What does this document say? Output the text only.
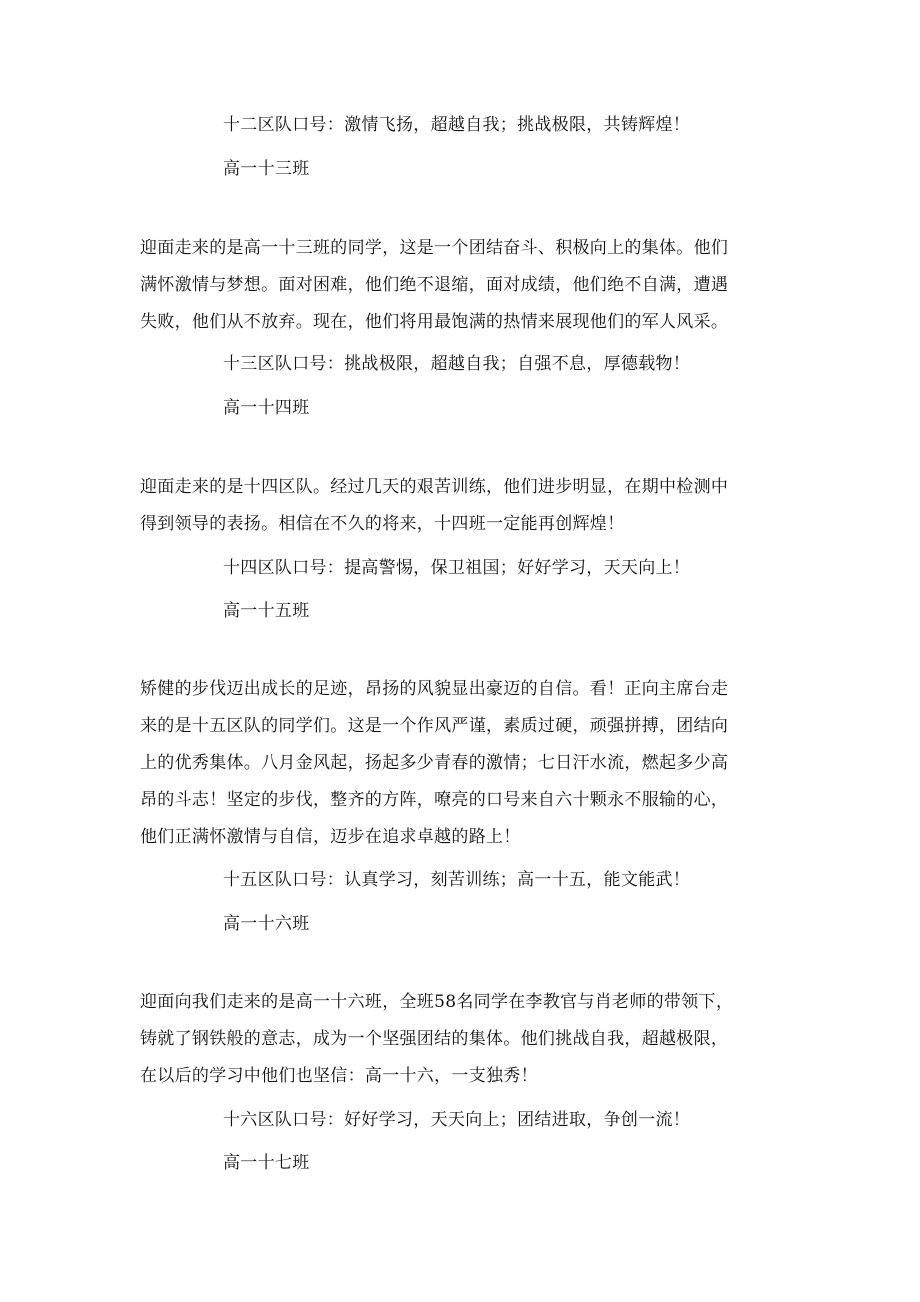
十二区队口号：激情飞扬，超越自我；挑战极限，共铸辉煌！
高一十三班
迎面走来的是高一十三班的同学，这是一个团结奋斗、积极向上的集体。他们
满怀激情与梦想。面对困难，他们绝不退缩，面对成绩，他们绝不自满，遭遇
失败，他们从不放弃。现在，他们将用最饱满的热情来展现他们的军人风采。
十三区队口号：挑战极限，超越自我；自强不息，厚德载物！
高一十四班
迎面走来的是十四区队。经过几天的艰苦训练，他们进步明显，在期中检测中
得到领导的表扬。相信在不久的将来，十四班一定能再创辉煌！
十四区队口号：提高警惕，保卫祖国；好好学习，天天向上！
高一十五班
矫健的步伐迈出成长的足迹，昂扬的风貌显出豪迈的自信。看！正向主席台走
来的是十五区队的同学们。这是一个作风严谨，素质过硬，顽强拼搏，团结向
上的优秀集体。八月金风起，扬起多少青春的激情；七日汗水流，燃起多少高
昂的斗志！坚定的步伐，整齐的方阵，嘹亮的口号来自六十颗永不服输的心，
他们正满怀激情与自信，迈步在追求卓越的路上！
十五区队口号：认真学习，刻苦训练；高一十五，能文能武！
高一十六班
迎面向我们走来的是高一十六班，全班58名同学在李教官与肖老师的带领下，
铸就了钢铁般的意志，成为一个坚强团结的集体。他们挑战自我，超越极限，
在以后的学习中他们也坚信：高一十六，一支独秀！
十六区队口号：好好学习，天天向上；团结进取，争创一流！
高一十七班
